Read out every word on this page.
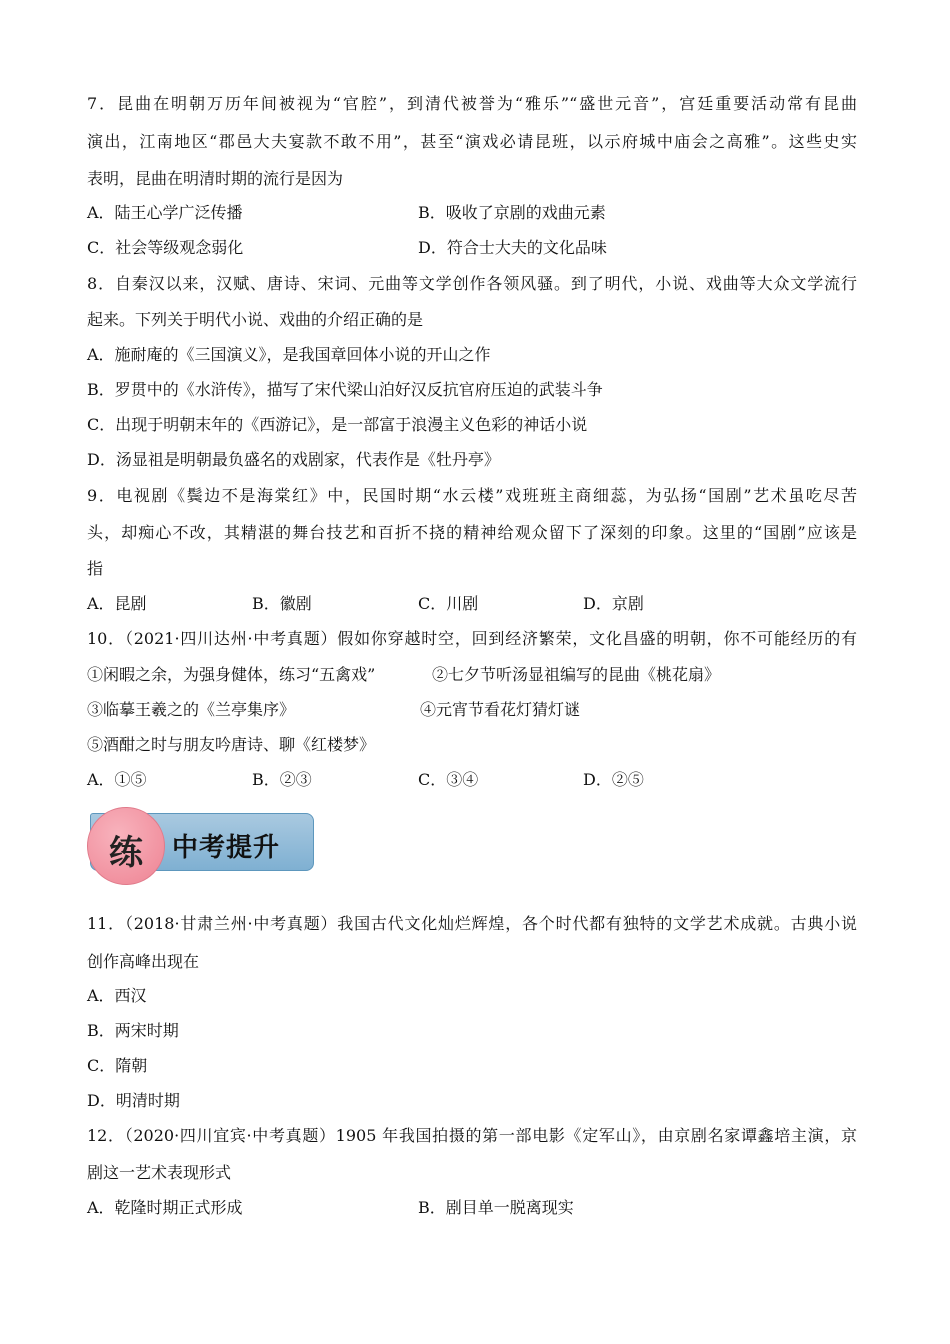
7．昆曲在明朝万历年间被视为“官腔”，到清代被誉为“雅乐”“盛世元音”，宫廷重要活动常有昆曲
演出，江南地区“郡邑大夫宴款不敢不用”，甚至“演戏必请昆班，以示府城中庙会之高雅”。这些史实
表明，昆曲在明清时期的流行是因为
A．陆王心学广泛传播	B．吸收了京剧的戏曲元素
C．社会等级观念弱化	D．符合士大夫的文化品味
8．自秦汉以来，汉赋、唐诗、宋词、元曲等文学创作各领风骚。到了明代，小说、戏曲等大众文学流行
起来。下列关于明代小说、戏曲的介绍正确的是
A．施耐庵的《三国演义》，是我国章回体小说的开山之作
B．罗贯中的《水浒传》，描写了宋代梁山泊好汉反抗官府压迫的武装斗争
C．出现于明朝末年的《西游记》，是一部富于浪漫主义色彩的神话小说
D．汤显祖是明朝最负盛名的戏剧家，代表作是《牡丹亭》
9．电视剧《鬓边不是海棠红》中，民国时期“水云楼”戏班班主商细蕊，为弘扬“国剧”艺术虽吃尽苦
头，却痴心不改，其精湛的舞台技艺和百折不挠的精神给观众留下了深刻的印象。这里的“国剧”应该是
指
A．昆剧	B．徽剧	C．川剧	D．京剧
10．（2021·四川达州·中考真题）假如你穿越时空，回到经济繁荣，文化昌盛的明朝，你不可能经历的有
①闲暇之余，为强身健体，练习“五禽戏”	②七夕节听汤显祖编写的昆曲《桃花扇》
③临摹王羲之的《兰亭集序》	④元宵节看花灯猜灯谜
⑤酒酣之时与朋友吟唐诗、聊《红楼梦》
A．①⑤	B．②③	C．③④	D．②⑤
练	中考提升
11．（2018·甘肃兰州·中考真题）我国古代文化灿烂辉煌，各个时代都有独特的文学艺术成就。古典小说
创作高峰出现在
A．西汉
B．两宋时期
C．隋朝
D．明清时期
12．（2020·四川宜宾·中考真题）1905 年我国拍摄的第一部电影《定军山》，由京剧名家谭鑫培主演，京
剧这一艺术表现形式
A．乾隆时期正式形成	B．剧目单一脱离现实
